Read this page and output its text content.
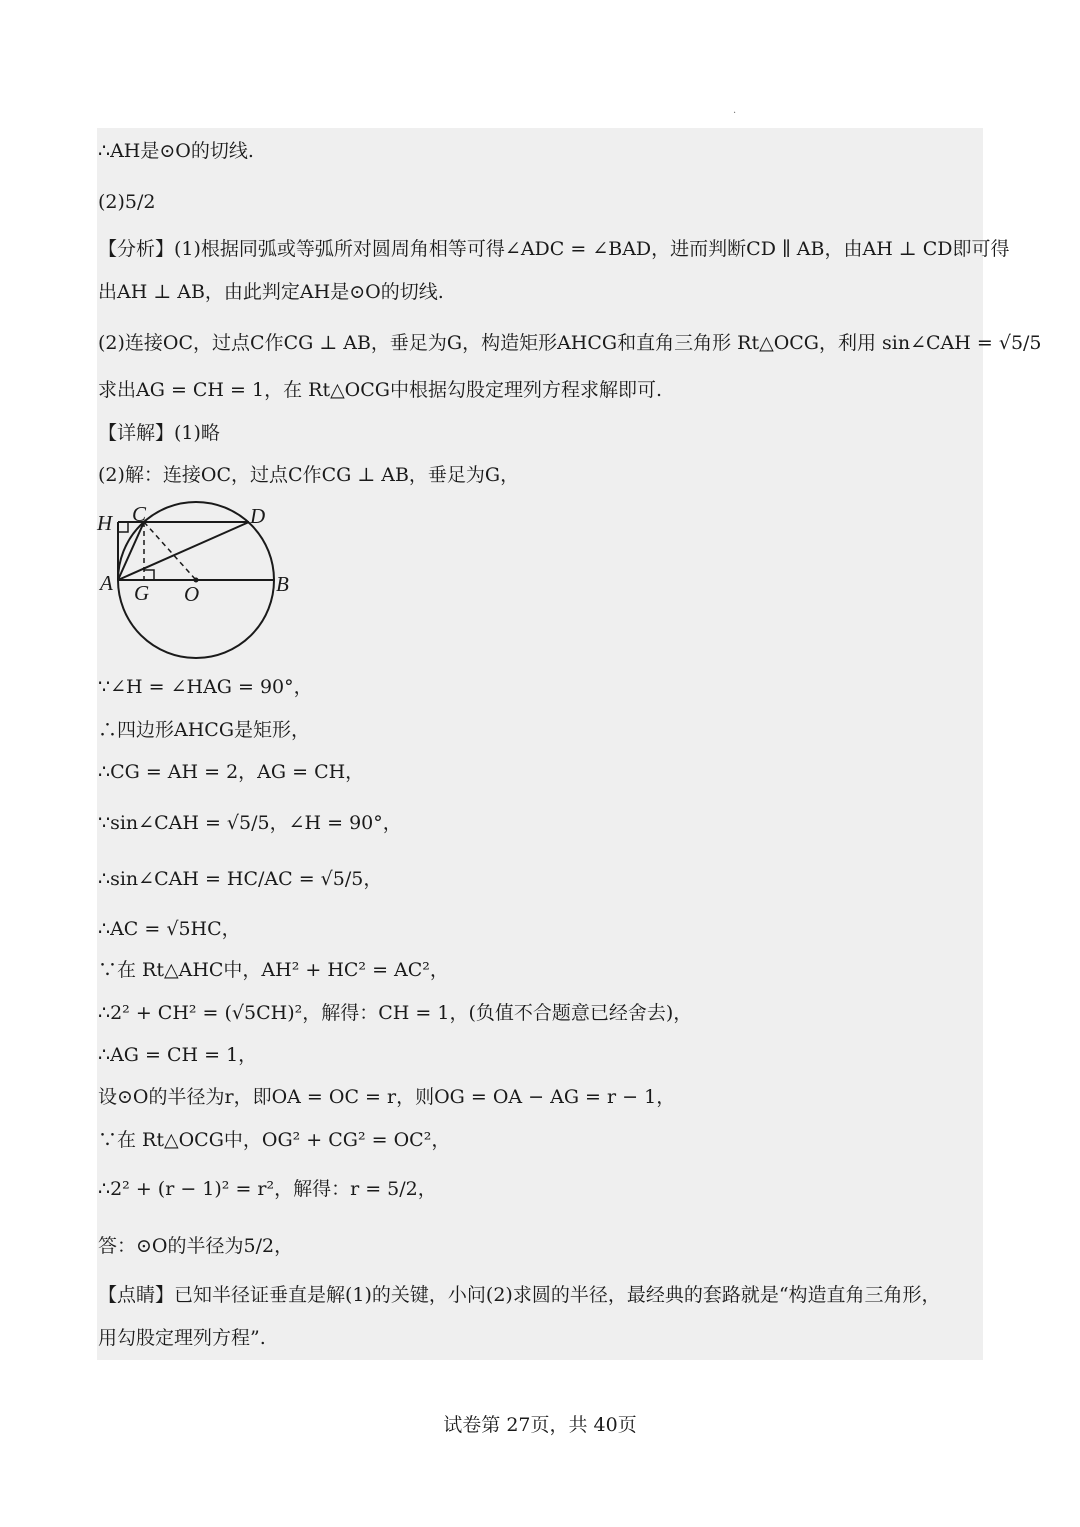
·
∴AH是⊙O的切线.
(2)5/2
【分析】(1)根据同弧或等弧所对圆周角相等可得∠ADC = ∠BAD，进而判断CD ∥ AB，由AH ⊥ CD即可得
出AH ⊥ AB，由此判定AH是⊙O的切线.
(2)连接OC，过点C作CG ⊥ AB，垂足为G，构造矩形AHCG和直角三角形 Rt△OCG，利用 sin∠CAH = √5/5
求出AG = CH = 1，在 Rt△OCG中根据勾股定理列方程求解即可.
【详解】(1)略
(2)解：连接OC，过点C作CG ⊥ AB，垂足为G，
H C	D
A G O	B
∵∠H = ∠HAG = 90°，
∴四边形AHCG是矩形，
∴CG = AH = 2，AG = CH，
∵sin∠CAH = √5/5，∠H = 90°，
∴sin∠CAH = HC/AC = √5/5，
∴AC = √5HC，
∵在 Rt△AHC中，AH² + HC² = AC²，
∴2² + CH² = (√5CH)²，解得：CH = 1，(负值不合题意已经舍去)，
∴AG = CH = 1，
设⊙O的半径为r，即OA = OC = r，则OG = OA − AG = r − 1，
∵在 Rt△OCG中，OG² + CG² = OC²，
∴2² + (r − 1)² = r²，解得：r = 5/2，
答：⊙O的半径为5/2，
【点睛】已知半径证垂直是解(1)的关键，小问(2)求圆的半径，最经典的套路就是“构造直角三角形，
用勾股定理列方程”.
试卷第 27页，共 40页
